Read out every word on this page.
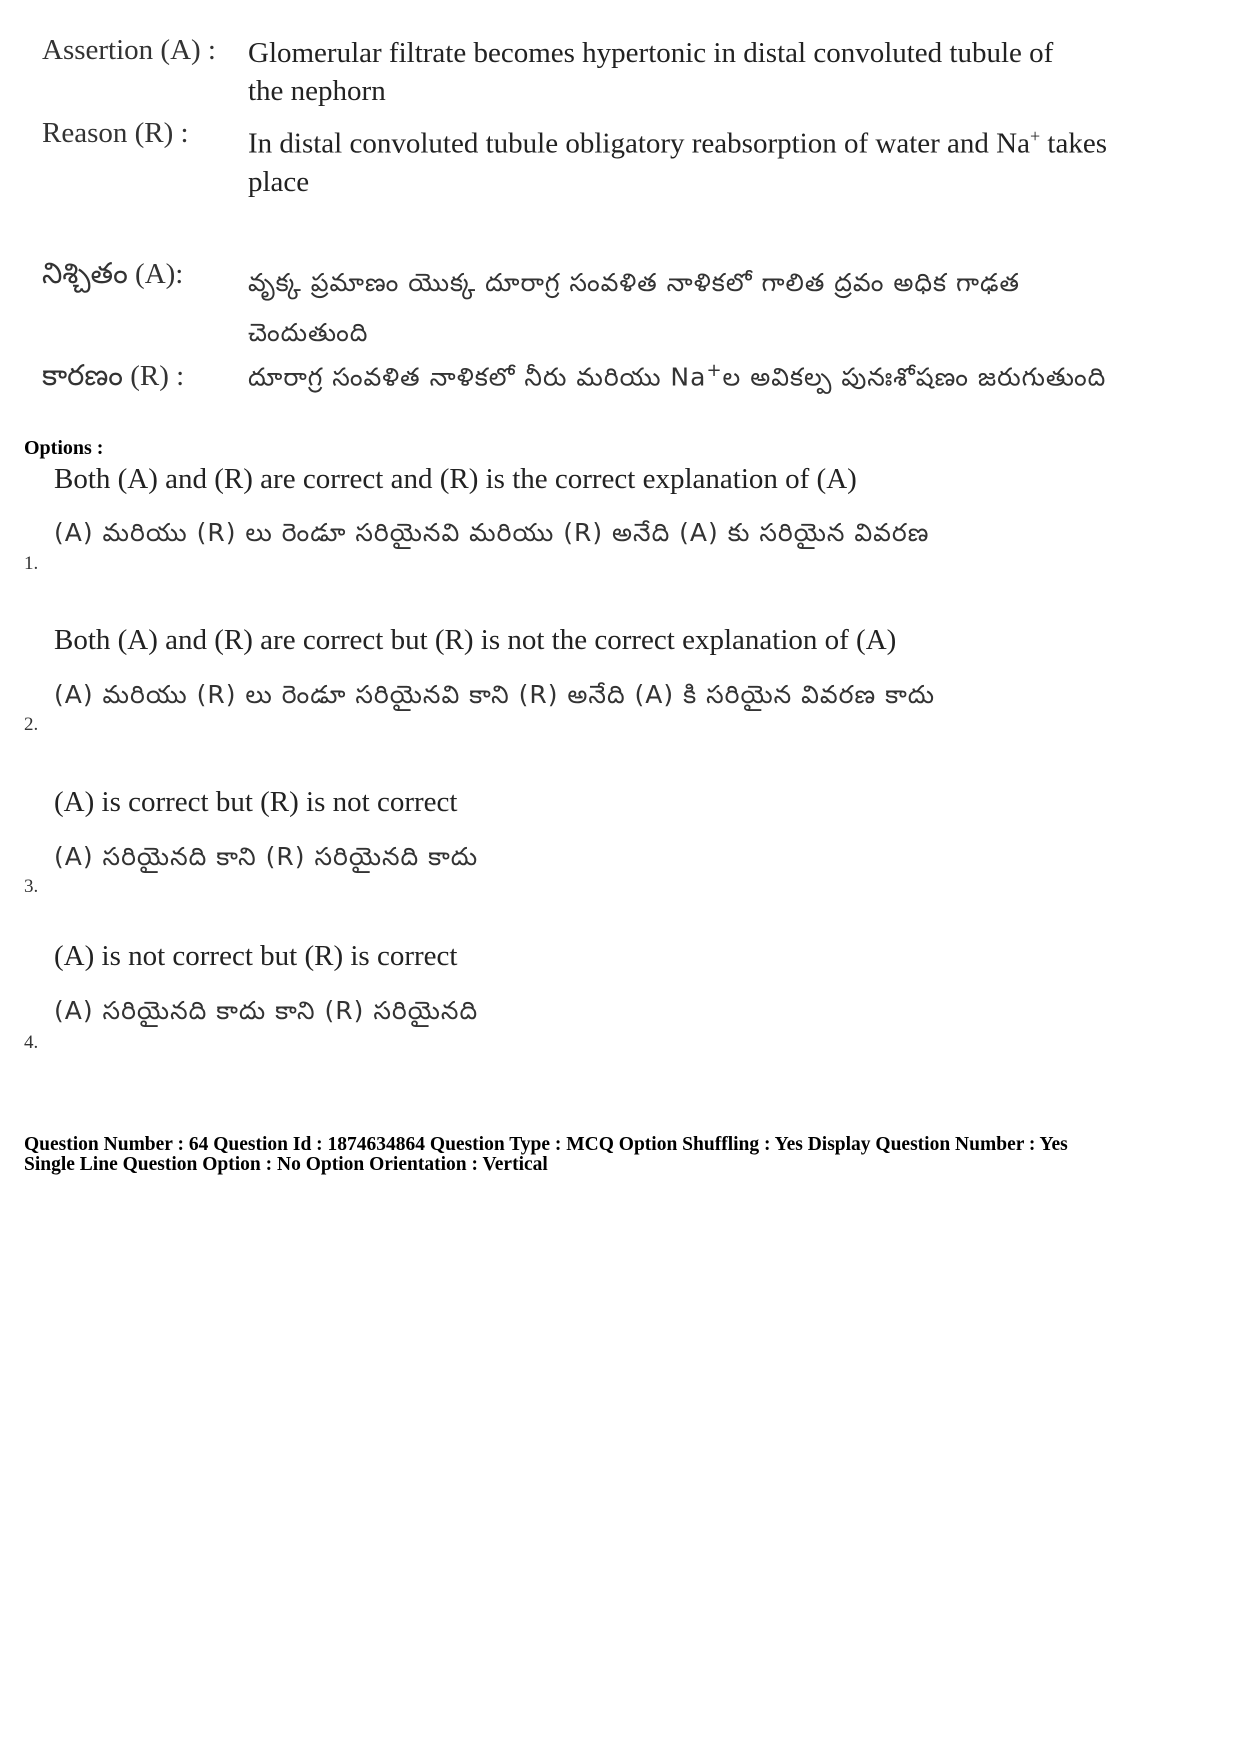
Assertion (A) :	Glomerular filtrate becomes hypertonic in distal convoluted tubule of
the nephorn
Reason (R) :	In distal convoluted tubule obligatory reabsorption of water and Na+ takes
place
నిశ్చితం (A):	వృక్క ప్రమాణం యొక్క దూరాగ్ర సంవళిత నాళికలో గాలిత ద్రవం అధిక గాఢత
చెందుతుంది
కారణం (R) :	దూరాగ్ర సంవళిత నాళికలో నీరు మరియు Na+ల అవికల్ప పునఃశోషణం జరుగుతుంది
Options :
Both (A) and (R) are correct and (R) is the correct explanation of (A)
(A) మరియు (R) లు రెండూ సరియైనవి మరియు (R) అనేది (A) కు సరియైన వివరణ
1.
Both (A) and (R) are correct but (R) is not the correct explanation of (A)
(A) మరియు (R) లు రెండూ సరియైనవి కాని (R) అనేది (A) కి సరియైన వివరణ కాదు
2.
(A) is correct but (R) is not correct
(A) సరియైనది కాని (R) సరియైనది కాదు
3.
(A) is not correct but (R) is correct
(A) సరియైనది కాదు కాని (R) సరియైనది
4.
Question Number : 64 Question Id : 1874634864 Question Type : MCQ Option Shuffling : Yes Display Question Number : Yes
Single Line Question Option : No Option Orientation : Vertical
